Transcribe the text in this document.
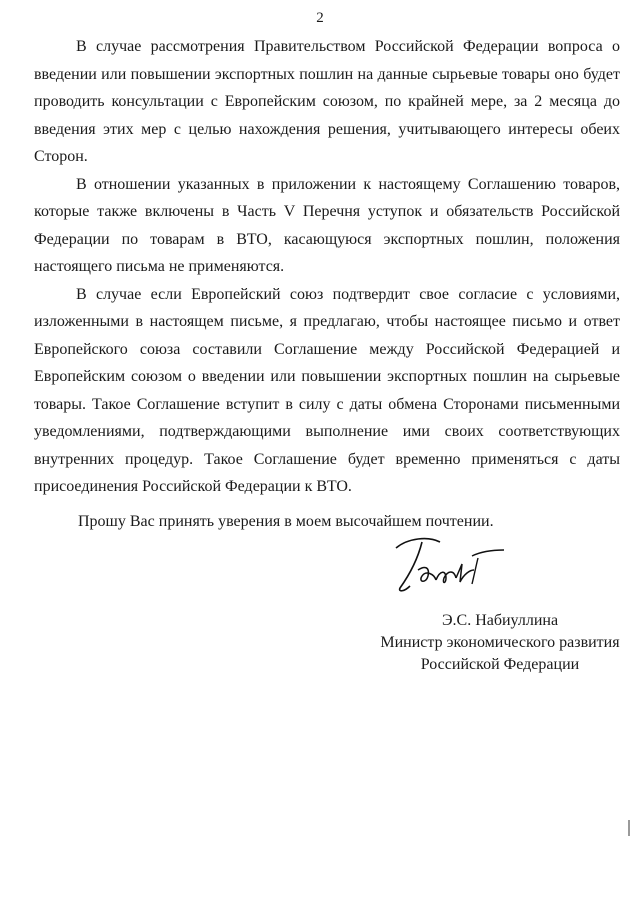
2

В случае рассмотрения Правительством Российской Федерации вопроса о введении или повышении экспортных пошлин на данные сырьевые товары оно будет проводить консультации с Европейским союзом, по крайней мере, за 2 месяца до введения этих мер с целью нахождения решения, учитывающего интересы обеих Сторон.

В отношении указанных в приложении к настоящему Соглашению товаров, которые также включены в Часть V Перечня уступок и обязательств Российской Федерации по товарам в ВТО, касающуюся экспортных пошлин, положения настоящего письма не применяются.

В случае если Европейский союз подтвердит свое согласие с условиями, изложенными в настоящем письме, я предлагаю, чтобы настоящее письмо и ответ Европейского союза составили Соглашение между Российской Федерацией и Европейским союзом о введении или повышении экспортных пошлин на сырьевые товары. Такое Соглашение вступит в силу с даты обмена Сторонами письменными уведомлениями, подтверждающими выполнение ими своих соответствующих внутренних процедур. Такое Соглашение будет временно применяться с даты присоединения Российской Федерации к ВТО.

Прошу Вас принять уверения в моем высочайшем почтении.
Э.С. Набиуллина
Министр экономического развития
Российской Федерации
